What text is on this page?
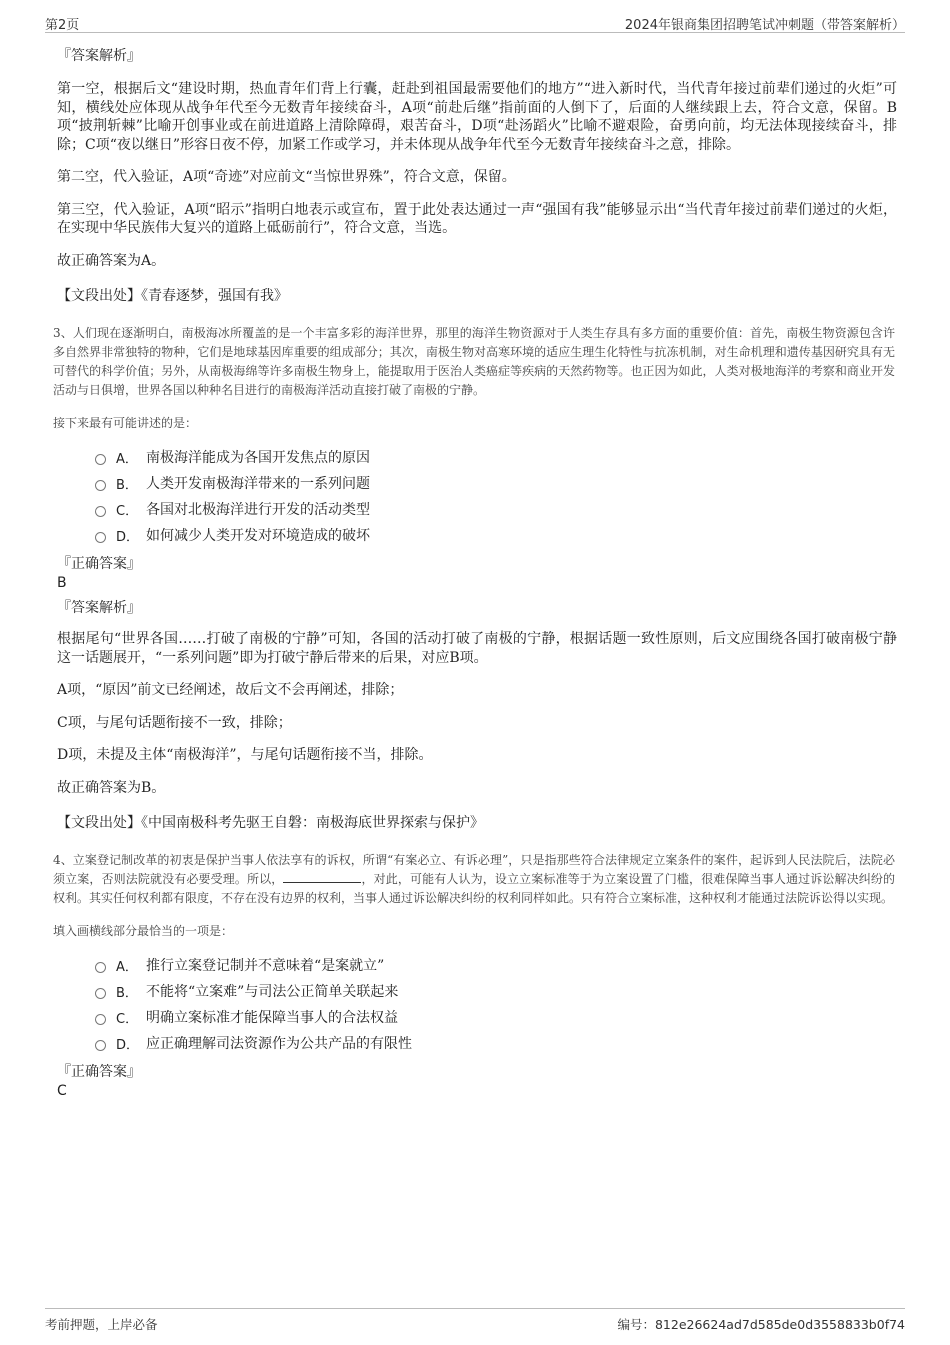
第2页	2024年银商集团招聘笔试冲刺题（带答案解析）

『答案解析』

第一空，根据后文“建设时期，热血青年们背上行囊，赶赴到祖国最需要他们的地方”“进入新时代，当代青年接过前辈们递过的火炬”可知，横线处应体现从战争年代至今无数青年接续奋斗，A项“前赴后继”指前面的人倒下了，后面的人继续跟上去，符合文意，保留。B项“披荆斩棘”比喻开创事业或在前进道路上清除障碍，艰苦奋斗，D项“赴汤蹈火”比喻不避艰险，奋勇向前，均无法体现接续奋斗，排除；C项“夜以继日”形容日夜不停，加紧工作或学习，并未体现从战争年代至今无数青年接续奋斗之意，排除。

第二空，代入验证，A项“奇迹”对应前文“当惊世界殊”，符合文意，保留。

第三空，代入验证，A项“昭示”指明白地表示或宣布，置于此处表达通过一声“强国有我”能够显示出“当代青年接过前辈们递过的火炬，在实现中华民族伟大复兴的道路上砥砺前行”，符合文意，当选。

故正确答案为A。

【文段出处】《青春逐梦，强国有我》

3、人们现在逐渐明白，南极海冰所覆盖的是一个丰富多彩的海洋世界，那里的海洋生物资源对于人类生存具有多方面的重要价值：首先，南极生物资源包含许多自然界非常独特的物种，它们是地球基因库重要的组成部分；其次，南极生物对高寒环境的适应生理生化特性与抗冻机制，对生命机理和遗传基因研究具有无可替代的科学价值；另外，从南极海绵等许多南极生物身上，能提取用于医治人类癌症等疾病的天然药物等。也正因为如此，人类对极地海洋的考察和商业开发活动与日俱增，世界各国以种种名目进行的南极海洋活动直接打破了南极的宁静。

接下来最有可能讲述的是：

A． 南极海洋能成为各国开发焦点的原因
B． 人类开发南极海洋带来的一系列问题
C． 各国对北极海洋进行开发的活动类型
D． 如何减少人类开发对环境造成的破坏

『正确答案』

B

『答案解析』

根据尾句“世界各国……打破了南极的宁静”可知，各国的活动打破了南极的宁静，根据话题一致性原则，后文应围绕各国打破南极宁静这一话题展开，“一系列问题”即为打破宁静后带来的后果，对应B项。

A项，“原因”前文已经阐述，故后文不会再阐述，排除；

C项，与尾句话题衔接不一致，排除；

D项，未提及主体“南极海洋”，与尾句话题衔接不当，排除。

故正确答案为B。

【文段出处】《中国南极科考先驱王自磐：南极海底世界探索与保护》

4、立案登记制改革的初衷是保护当事人依法享有的诉权，所谓“有案必立、有诉必理”，只是指那些符合法律规定立案条件的案件，起诉到人民法院后，法院必须立案，否则法院就没有必要受理。所以，	，对此，可能有人认为，设立立案标准等于为立案设置了门槛，很难保障当事人通过诉讼解决纠纷的权利。其实任何权利都有限度，不存在没有边界的权利，当事人通过诉讼解决纠纷的权利同样如此。只有符合立案标准，这种权利才能通过法院诉讼得以实现。

填入画横线部分最恰当的一项是：

A． 推行立案登记制并不意味着“是案就立”
B． 不能将“立案难”与司法公正简单关联起来
C． 明确立案标准才能保障当事人的合法权益
D． 应正确理解司法资源作为公共产品的有限性

『正确答案』

C

考前押题，上岸必备	编号：812e26624ad7d585de0d3558833b0f74
